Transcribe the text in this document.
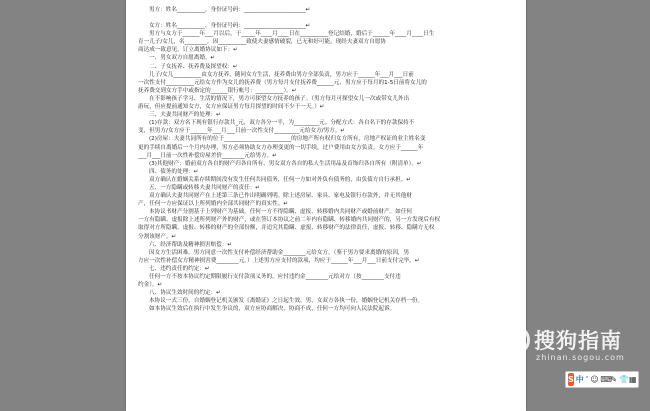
男方：姓名__________，身份证号码：______________________↵

女方：姓名__________，身份证号码：______________________↵

男方与女方于______年___月以后，于_____年____月____日在__________登记结婚，婚后于______年____月____日生

育一儿子/女儿，名________。因__________致使夫妻感情破裂，已无和好可能，现经夫妻双方自愿协

商达成一致意见，订立离婚协议如下：↵

一、男女双方自愿离婚。↵

二、子女抚养、抚养费及探望权：↵

儿子/女儿__________由女方抚养，随同女方生活，抚养费由男方全部负责，男方应于______年___月___日前

一次性支付__________元给女方作为女儿的抚养费（男方每月支付抚养费______元，男方应于每月的1-5日前将女儿的

抚养费交到女方手中或指定的______银行帐号：__________）。↵

在不影响孩子学习、生活的情况下，男方可探望女方抚养的孩子。（男方每月可探望女儿一次或带女儿外出

游玩，但应提前通知女方，女方应保证男方每月探望的时间不少于一天。）↵

三、夫妻共同财产的处理：↵

(1)存款：双方名下现有银行存款共_元，双方各分一半，为_________元。分配方式：各自名下的存款保持不

变，但男方/女方应于______年___月___日前一次性支付_________元给女方/男方。↵

(2)房屋：夫妻共同所有的位于________________________的房地产所有权归女方所有，房地产权证的业主姓名变

更的手续自离婚后一个月内办理，男方必须协助女方办理变更的一切手续，过户费用由女方负责。女方应于______年

___月___日前一次性补偿房屋差价________元给男方。↵

(3)其他财产：婚前双方各自的财产归各自所有，男女双方各自的私人生活用品及首饰归各自所有（附清单）。↵

四、债务的处理：↵

双方确认在婚姻关系存续期间没有发生任何共同债务，任何一方如对外负有债务的，由负债方自行承担。↵

五、一方隐瞒或转移夫妻共同财产的责任：↵

双方确认夫妻共同财产在上述第三条已作出明确列明。除上述房屋、家具、家电及银行存款外，并无其他财

产，任何一方应保证以上所列婚内全部共同财产的真实性。↵

本协议书财产分割基于上列财产为基础。任何一方不得隐瞒、虚报、转移婚内共同财产或婚前财产。如任何

一方有隐瞒、虚报除上述所列财产外的财产，或在签订本协议之前二年内有隐瞒、转移婚内共同财产的，另一方发现后有权

取得对方所隐瞒、虚报、转移的财产的全部份额，并追究其隐瞒、虚报、转移财产的法律责任，虚报、转移、隐瞒方无权

分割该财产。↵

六、经济帮助及精神损害赔偿：↵

因女方生活困难，男方同意一次性支付补偿经济帮助金________元给女方。（鉴于男方要求离婚的原因，男

方应一次性补偿女方精神损害费________元。）上述男方应支付的款项，均应于______年___月___日前支付完毕。↵

七、违约责任的约定：↵

任何一方不按本协议约定期限履行支付款项义务的，应付违约金________元给对方（按________支付违

约金）。↵

八、协议生效时间的约定：↵

本协议一式三份，自婚姻登记机关颁发《离婚证》之日起生效，男、女双方各执一份，婚姻登记机关存档一份。

如本协议生效后在执行中发生争议的，双方应协商解决，协商不成，任何一方均可向人民法院起诉。

搜狗指南
zhinan.sogou.com
S 中 ʼ ☺ ⌨
✎ 👕 ▦
